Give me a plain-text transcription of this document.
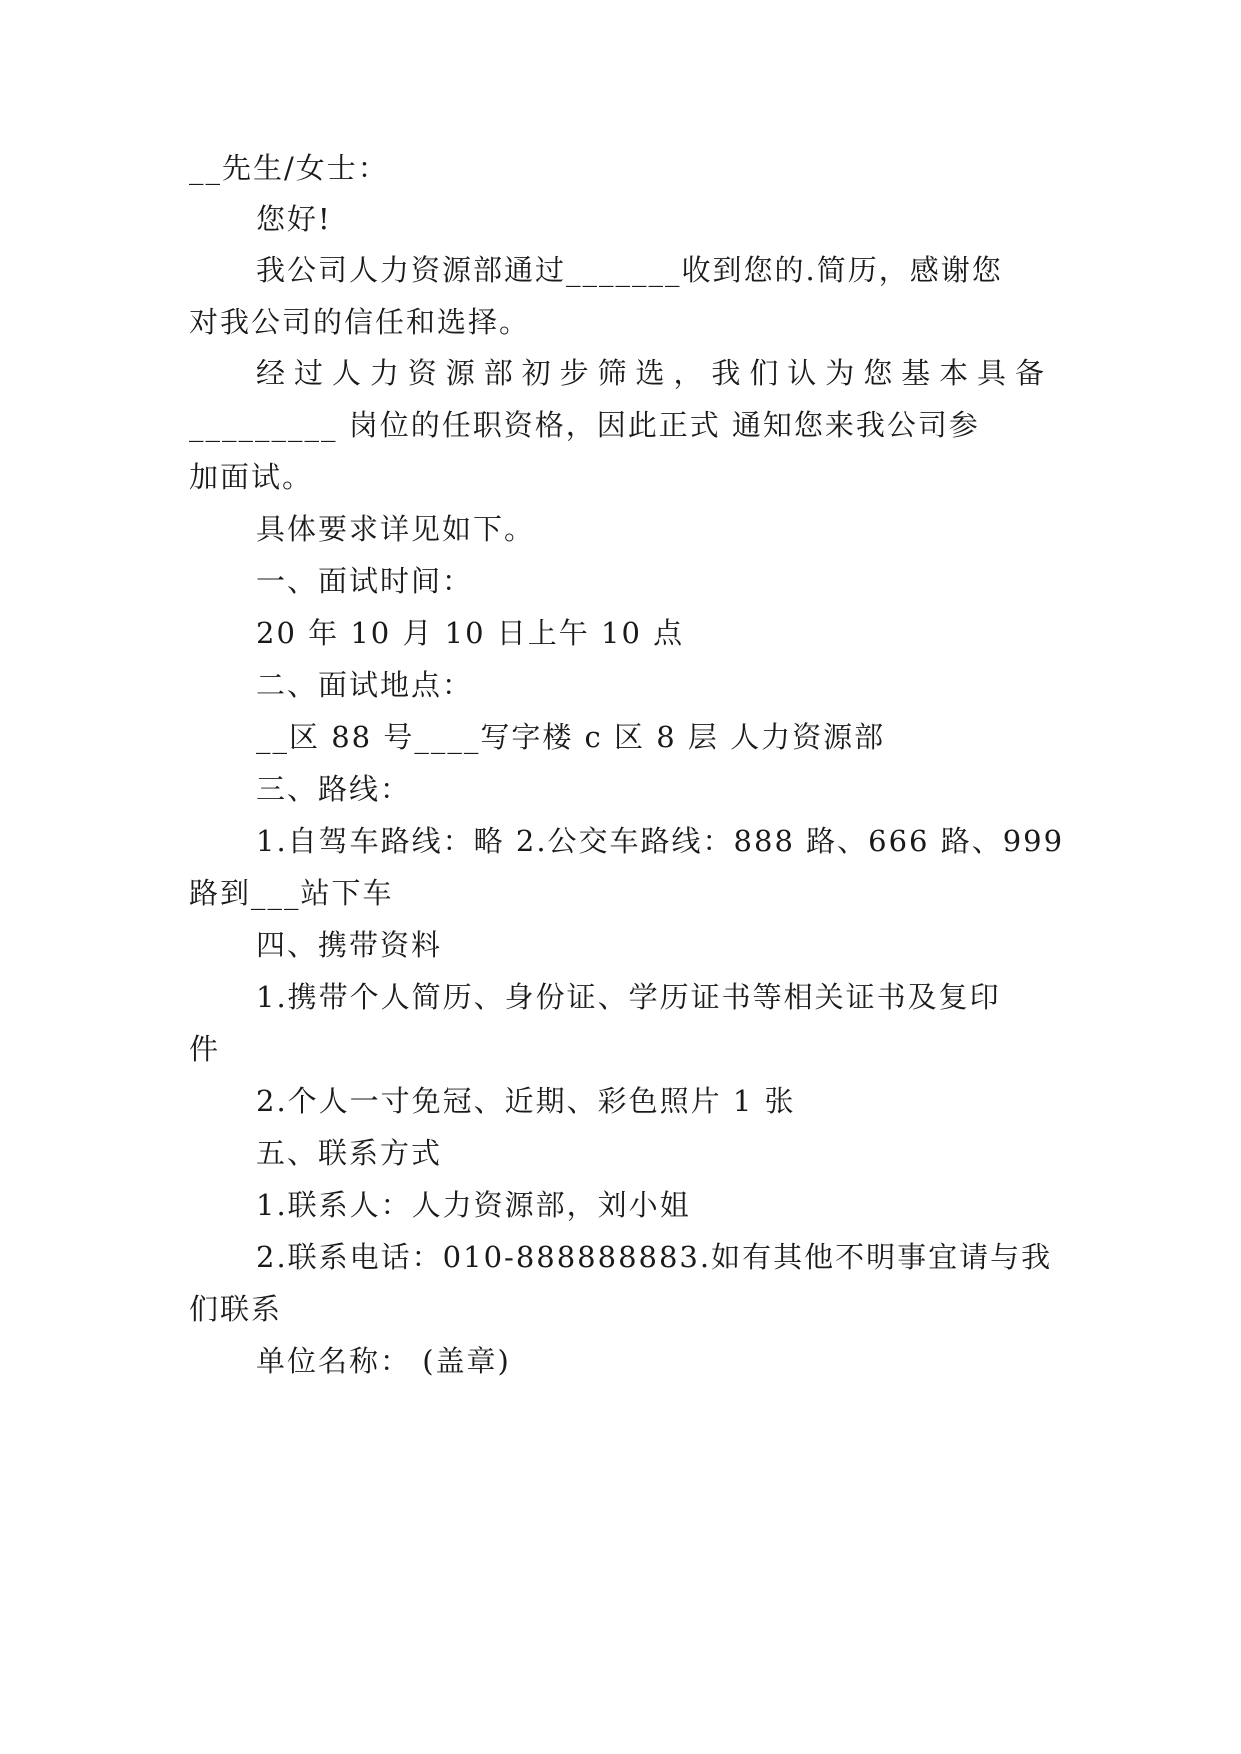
__先生/女士：
您好!
我公司人力资源部通过_______收到您的.简历，感谢您
对我公司的信任和选择。
经过人力资源部初步筛选，我们认为您基本具备
_________ 岗位的任职资格，因此正式 通知您来我公司参
加面试。
具体要求详见如下。
一、面试时间：
20 年 10 月 10 日上午 10 点
二、面试地点：
__区 88 号____写字楼 c 区 8 层 人力资源部
三、路线：
1.自驾车路线：略 2.公交车路线：888 路、666 路、999
路到___站下车
四、携带资料
1.携带个人简历、身份证、学历证书等相关证书及复印
件
2.个人一寸免冠、近期、彩色照片 1 张
五、联系方式
1.联系人：人力资源部，刘小姐
2.联系电话：010-888888883.如有其他不明事宜请与我
们联系
单位名称： (盖章)
